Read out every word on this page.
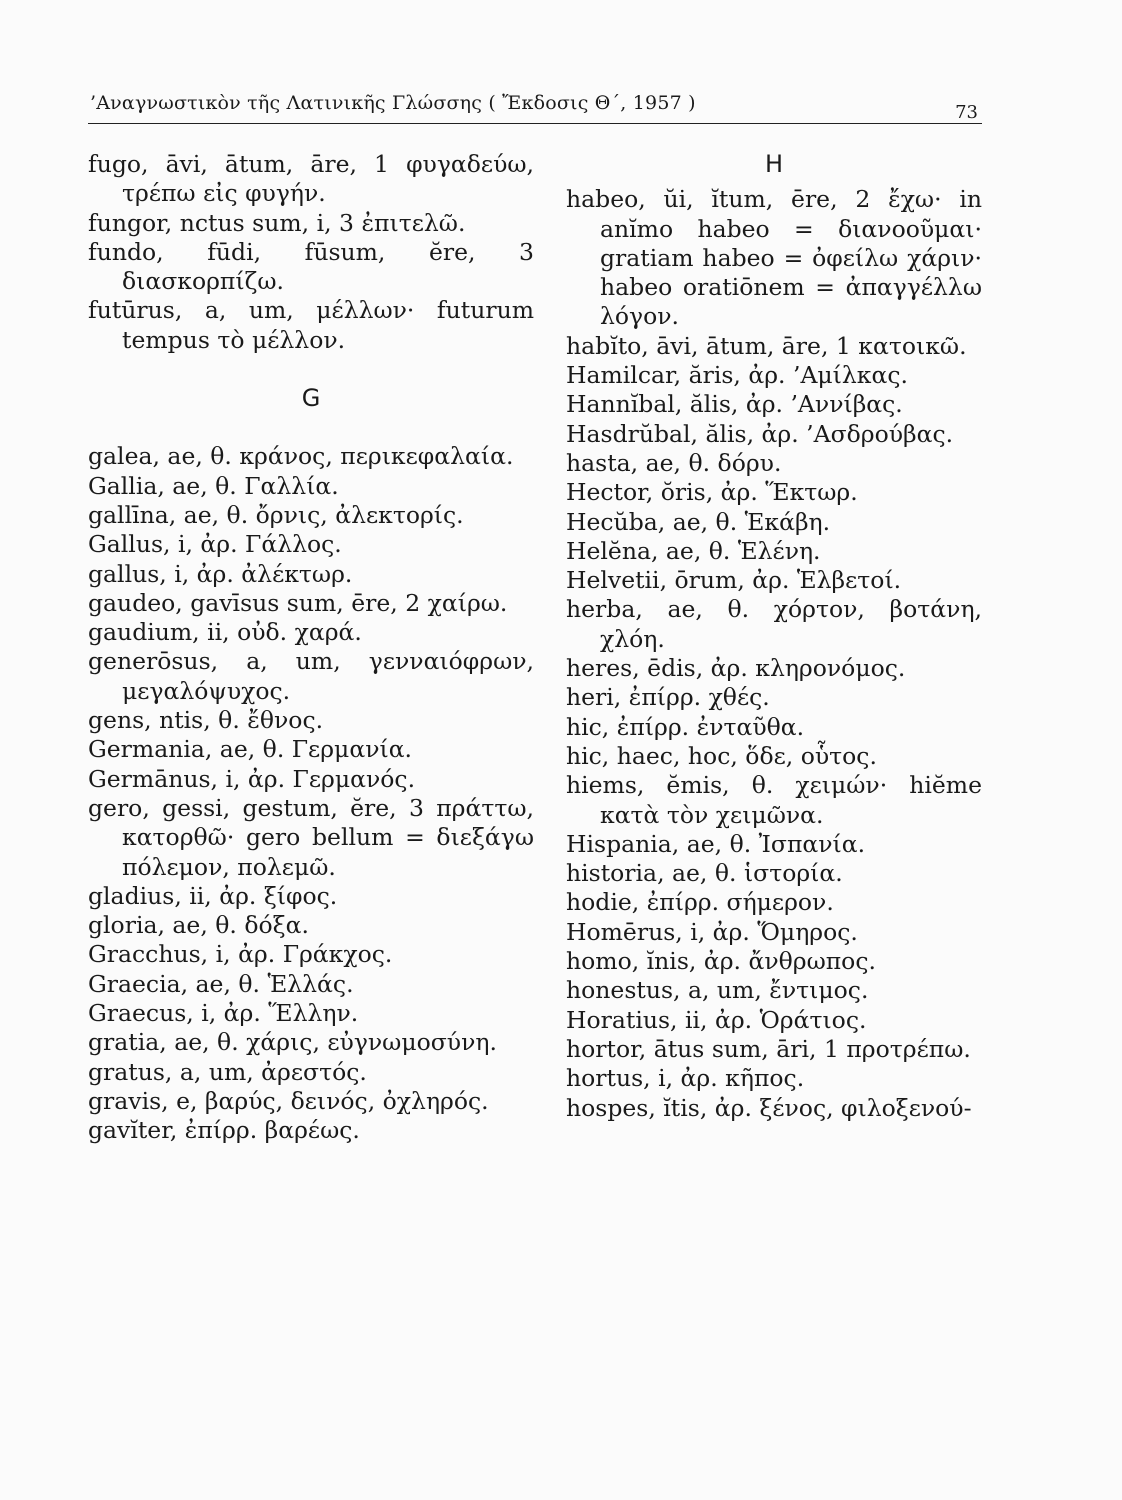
’Αναγνωστικὸν τῆς Λατινικῆς Γλώσσης ( Ἔκδοσις Θ΄, 1957 )	73

fugo, āvi, ātum, āre, 1 φυγαδεύω, τρέπω εἰς φυγήν.

fungor, nctus sum, i, 3 ἐπιτελῶ.

fundo, fūdi, fūsum, ĕre, 3 διασκορπίζω.

futūrus, a, um, μέλλων· futurum tempus τὸ μέλλον.

G

galea, ae, θ. κράνος, περικεφαλαία.

Gallia, ae, θ. Γαλλία.

gallīna, ae, θ. ὄρνις, ἀλεκτορίς.

Gallus, i, ἀρ. Γάλλος.

gallus, i, ἀρ. ἀλέκτωρ.

gaudeo, gavīsus sum, ēre, 2 χαίρω.

gaudium, ii, οὐδ. χαρά.

generōsus, a, um, γενναιόφρων, μεγαλόψυχος.

gens, ntis, θ. ἔθνος.

Germania, ae, θ. Γερμανία.

Germānus, i, ἀρ. Γερμανός.

gero, gessi, gestum, ĕre, 3 πράττω, κατορθῶ· gero bellum = διεξάγω πόλεμον, πολεμῶ.

gladius, ii, ἀρ. ξίφος.

gloria, ae, θ. δόξα.

Gracchus, i, ἀρ. Γράκχος.

Graecia, ae, θ. Ἑλλάς.

Graecus, i, ἀρ. Ἕλλην.

gratia, ae, θ. χάρις, εὐγνωμοσύνη.

gratus, a, um, ἀρεστός.

gravis, e, βαρύς, δεινός, ὀχληρός.

gavĭter, ἐπίρρ. βαρέως.

H

habeo, ŭi, ĭtum, ēre, 2 ἔχω· in anĭmo habeo = διανοοῦμαι· gratiam habeo = ὀφείλω χάριν· habeo oratiōnem = ἀπαγγέλλω λόγον.

habĭto, āvi, ātum, āre, 1 κατοικῶ.

Hamilcar, ăris, ἀρ. ’Αμίλκας.

Hannĭbal, ălis, ἀρ. ’Αννίβας.

Hasdrŭbal, ălis, ἀρ. ’Ασδρούβας.

hasta, ae, θ. δόρυ.

Hector, ŏris, ἀρ. Ἕκτωρ.

Hecŭba, ae, θ. Ἑκάβη.

Helĕna, ae, θ. Ἑλένη.

Helvetii, ōrum, ἀρ. Ἑλβετοί.

herba, ae, θ. χόρτον, βοτάνη, χλόη.

heres, ēdis, ἀρ. κληρονόμος.

heri, ἐπίρρ. χθές.

hic, ἐπίρρ. ἐνταῦθα.

hic, haec, hoc, ὅδε, οὗτος.

hiems, ĕmis, θ. χειμών· hiĕme κατὰ τὸν χειμῶνα.

Hispania, ae, θ. Ἰσπανία.

historia, ae, θ. ἱστορία.

hodie, ἐπίρρ. σήμερον.

Homērus, i, ἀρ. Ὅμηρος.

homo, ĭnis, ἀρ. ἄνθρωπος.

honestus, a, um, ἔντιμος.

Horatius, ii, ἀρ. Ὁράτιος.

hortor, ātus sum, āri, 1 προτρέπω.

hortus, i, ἀρ. κῆπος.

hospes, ĭtis, ἀρ. ξένος, φιλοξενού-
